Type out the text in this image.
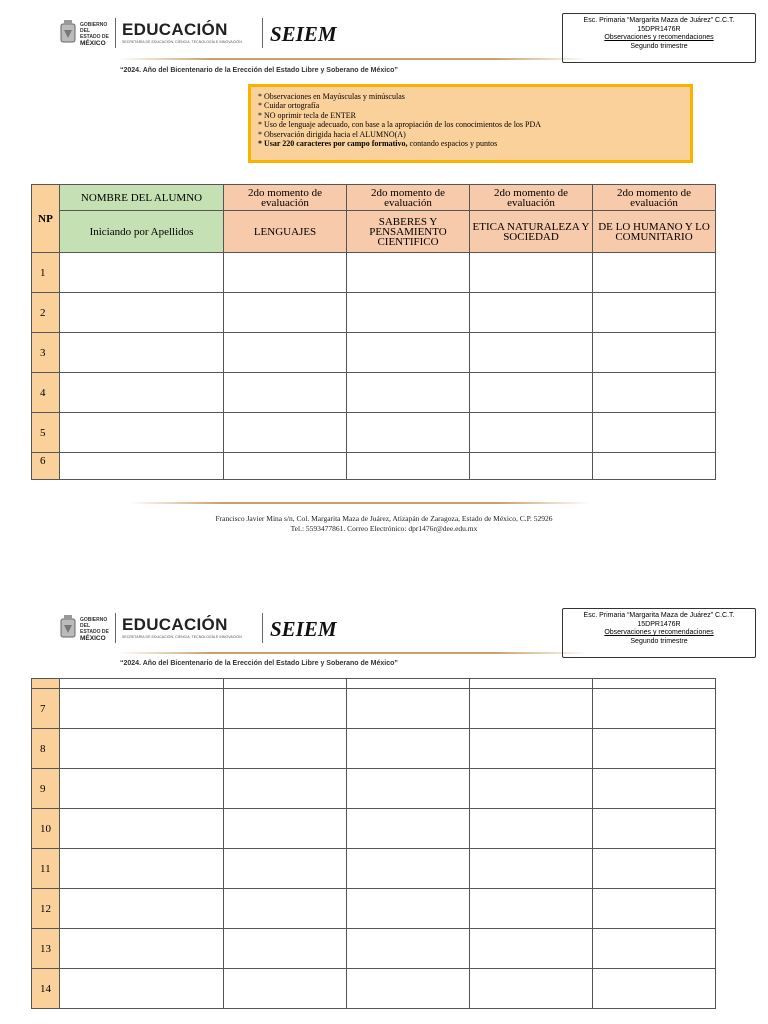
GOBIERNO DEL
ESTADO DE
MÉXICO
EDUCACIÓN
SECRETARÍA DE EDUCACIÓN, CIENCIA, TECNOLOGÍA E INNOVACIÓN SEIEM
“2024. Año del Bicentenario de la Erección del Estado Libre y Soberano de México”
Esc. Primaria “Margarita Maza de Juárez” C.C.T.
15DPR1476R
Observaciones y recomendaciones
Segundo trimestre
* Observaciones en Mayúsculas y minúsculas
* Cuidar ortografía
* NO oprimir tecla de ENTER
* Uso de lenguaje adecuado, con base a la apropiación de los conocimientos de los PDA
* Observación dirigida hacia el ALUMNO(A)
* Usar 220 caracteres por campo formativo, contando espacios y puntos
NP	NOMBRE DEL ALUMNO	2do momento de evaluación	2do momento de evaluación	2do momento de evaluación	2do momento de evaluación
	Iniciando por Apellidos	LENGUAJES	SABERES Y PENSAMIENTO CIENTIFICO	ETICA NATURALEZA Y SOCIEDAD	DE LO HUMANO Y LO COMUNITARIO
1					
2					
3					
4					
5					
6					
Francisco Javier Mina s/n, Col. Margarita Maza de Juárez, Atizapán de Zaragoza, Estado de México, C.P. 52926
Tel.: 5593477861. Correo Electrónico: dpr1476r@dee.edu.mx
GOBIERNO DEL
ESTADO DE
MÉXICO
EDUCACIÓN
SECRETARÍA DE EDUCACIÓN, CIENCIA, TECNOLOGÍA E INNOVACIÓN SEIEM
“2024. Año del Bicentenario de la Erección del Estado Libre y Soberano de México”
Esc. Primaria “Margarita Maza de Juárez” C.C.T.
15DPR1476R
Observaciones y recomendaciones
Segundo trimestre

7					
8					
9					
10					
11					
12					
13					
14					
